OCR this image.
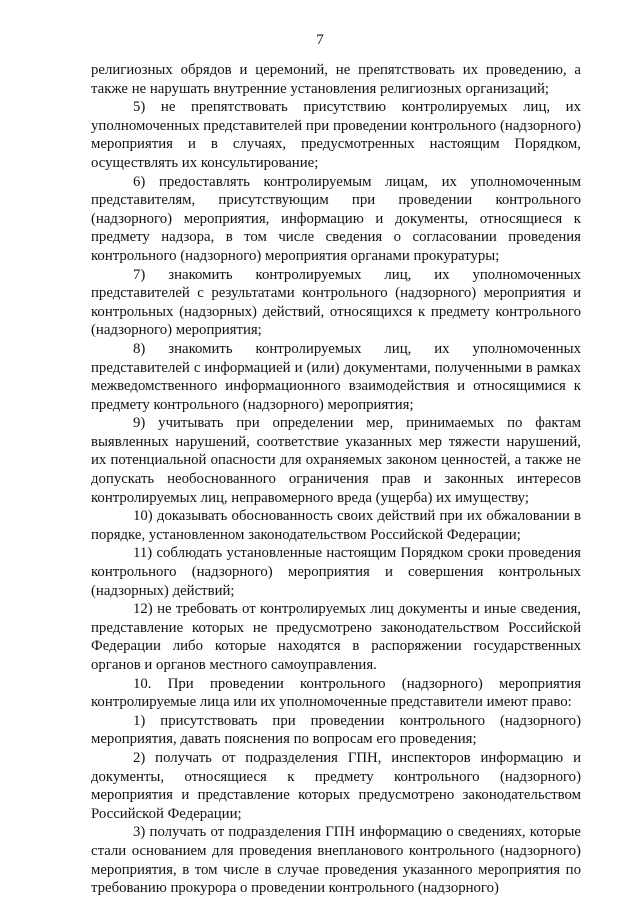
7

религиозных обрядов и церемоний, не препятствовать их проведению, а также не нарушать внутренние установления религиозных организаций;

5) не препятствовать присутствию контролируемых лиц, их уполномоченных представителей при проведении контрольного (надзорного) мероприятия и в случаях, предусмотренных настоящим Порядком, осуществлять их консультирование;

6) предоставлять контролируемым лицам, их уполномоченным представителям, присутствующим при проведении контрольного (надзорного) мероприятия, информацию и документы, относящиеся к предмету надзора, в том числе сведения о согласовании проведения контрольного (надзорного) мероприятия органами прокуратуры;

7) знакомить контролируемых лиц, их уполномоченных представителей с результатами контрольного (надзорного) мероприятия и контрольных (надзорных) действий, относящихся к предмету контрольного (надзорного) мероприятия;

8) знакомить контролируемых лиц, их уполномоченных представителей с информацией и (или) документами, полученными в рамках межведомственного информационного взаимодействия и относящимися к предмету контрольного (надзорного) мероприятия;

9) учитывать при определении мер, принимаемых по фактам выявленных нарушений, соответствие указанных мер тяжести нарушений, их потенциальной опасности для охраняемых законом ценностей, а также не допускать необоснованного ограничения прав и законных интересов контролируемых лиц, неправомерного вреда (ущерба) их имуществу;

10) доказывать обоснованность своих действий при их обжаловании в порядке, установленном законодательством Российской Федерации;

11) соблюдать установленные настоящим Порядком сроки проведения контрольного (надзорного) мероприятия и совершения контрольных (надзорных) действий;

12) не требовать от контролируемых лиц документы и иные сведения, представление которых не предусмотрено законодательством Российской Федерации либо которые находятся в распоряжении государственных органов и органов местного самоуправления.

10. При проведении контрольного (надзорного) мероприятия контролируемые лица или их уполномоченные представители имеют право:

1) присутствовать при проведении контрольного (надзорного) мероприятия, давать пояснения по вопросам его проведения;

2) получать от подразделения ГПН, инспекторов информацию и документы, относящиеся к предмету контрольного (надзорного) мероприятия и представление которых предусмотрено законодательством Российской Федерации;

3) получать от подразделения ГПН информацию о сведениях, которые стали основанием для проведения внепланового контрольного (надзорного) мероприятия, в том числе в случае проведения указанного мероприятия по требованию прокурора о проведении контрольного (надзорного)
